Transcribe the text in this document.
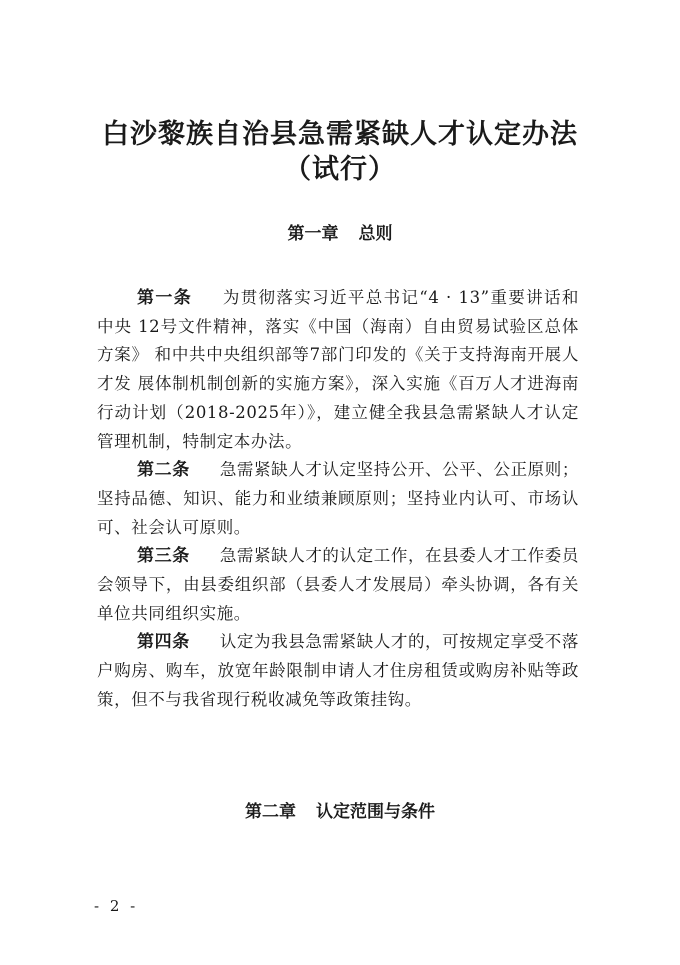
白沙黎族自治县急需紧缺人才认定办法
（试行）
第一章 总则

第一条 为贯彻落实习近平总书记“4 · 13”重要讲话和中央 12号文件精神，落实《中国（海南）自由贸易试验区总体方案》 和中共中央组织部等7部门印发的《关于支持海南开展人才发 展体制机制创新的实施方案》，深入实施《百万人才进海南行动计划（2018-2025年）》，建立健全我县急需紧缺人才认定管理机制，特制定本办法。

第二条 急需紧缺人才认定坚持公开、公平、公正原则； 坚持品德、知识、能力和业绩兼顾原则；坚持业内认可、市场认可、社会认可原则。

第三条 急需紧缺人才的认定工作，在县委人才工作委员 会领导下，由县委组织部（县委人才发展局）牵头协调，各有关单位共同组织实施。

第四条 认定为我县急需紧缺人才的，可按规定享受不落户购房、购车，放宽年龄限制申请人才住房租赁或购房补贴等政策，但不与我省现行税收减免等政策挂钩。

第二章 认定范围与条件
- 2 -
